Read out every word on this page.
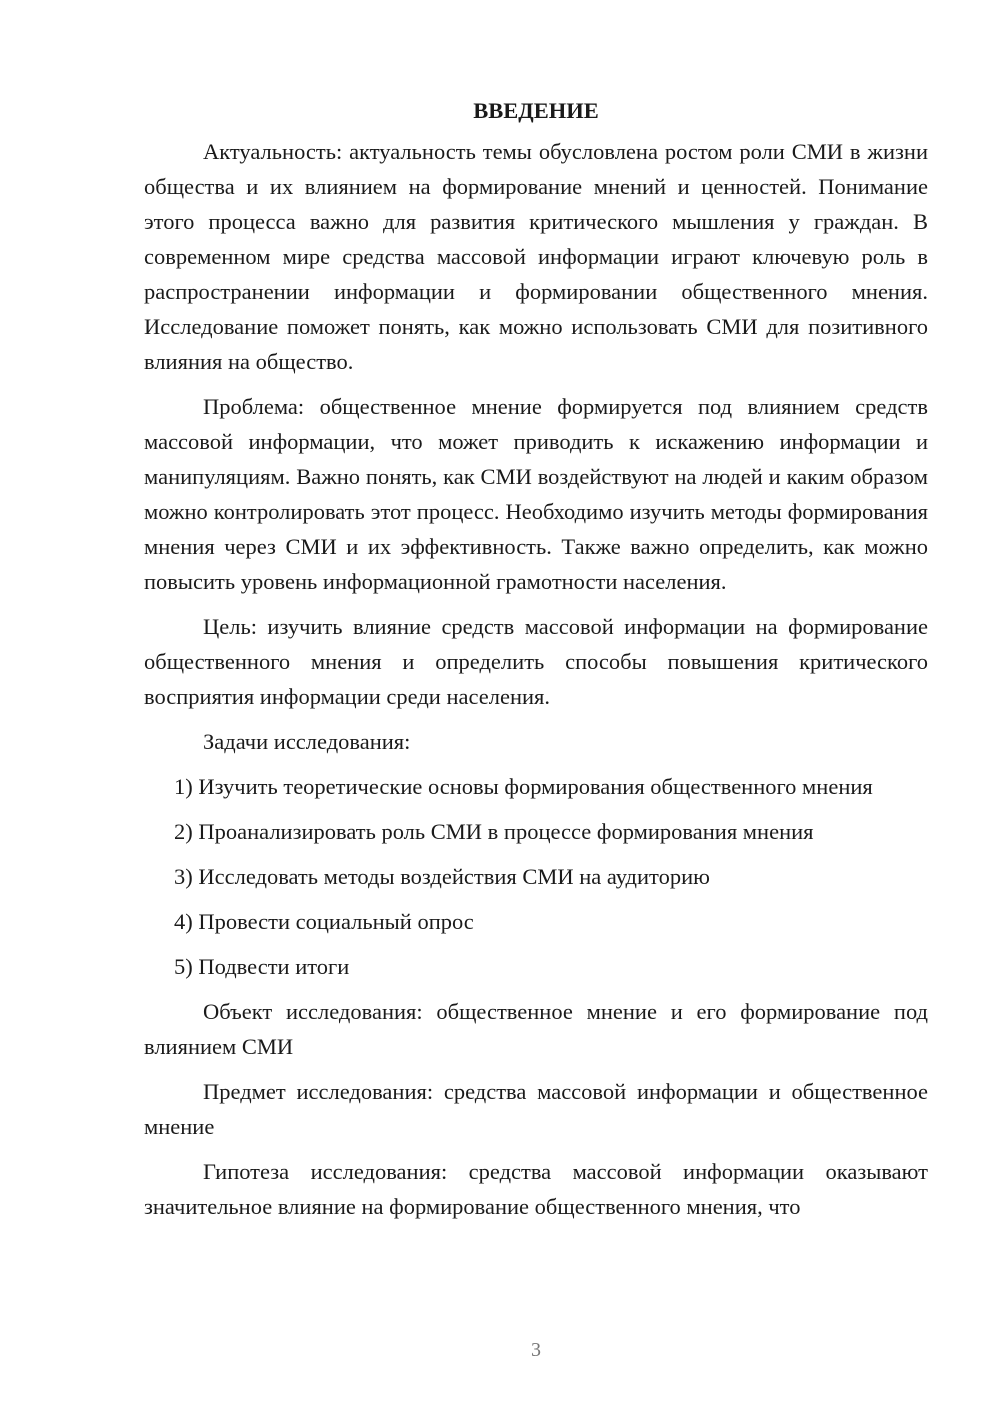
ВВЕДЕНИЕ

Актуальность: актуальность темы обусловлена ростом роли СМИ в жизни общества и их влиянием на формирование мнений и ценностей. Понимание этого процесса важно для развития критического мышления у граждан. В современном мире средства массовой информации играют ключевую роль в распространении информации и формировании общественного мнения. Исследование поможет понять, как можно использовать СМИ для позитивного влияния на общество.

Проблема: общественное мнение формируется под влиянием средств массовой информации, что может приводить к искажению информации и манипуляциям. Важно понять, как СМИ воздействуют на людей и каким образом можно контролировать этот процесс. Необходимо изучить методы формирования мнения через СМИ и их эффективность. Также важно определить, как можно повысить уровень информационной грамотности населения.

Цель: изучить влияние средств массовой информации на формирование общественного мнения и определить способы повышения критического восприятия информации среди населения.

Задачи исследования:

1) Изучить теоретические основы формирования общественного мнения

2) Проанализировать роль СМИ в процессе формирования мнения

3) Исследовать методы воздействия СМИ на аудиторию

4) Провести социальный опрос

5) Подвести итоги

Объект исследования: общественное мнение и его формирование под влиянием СМИ

Предмет исследования: средства массовой информации и общественное мнение

Гипотеза исследования: средства массовой информации оказывают значительное влияние на формирование общественного мнения, что

3
